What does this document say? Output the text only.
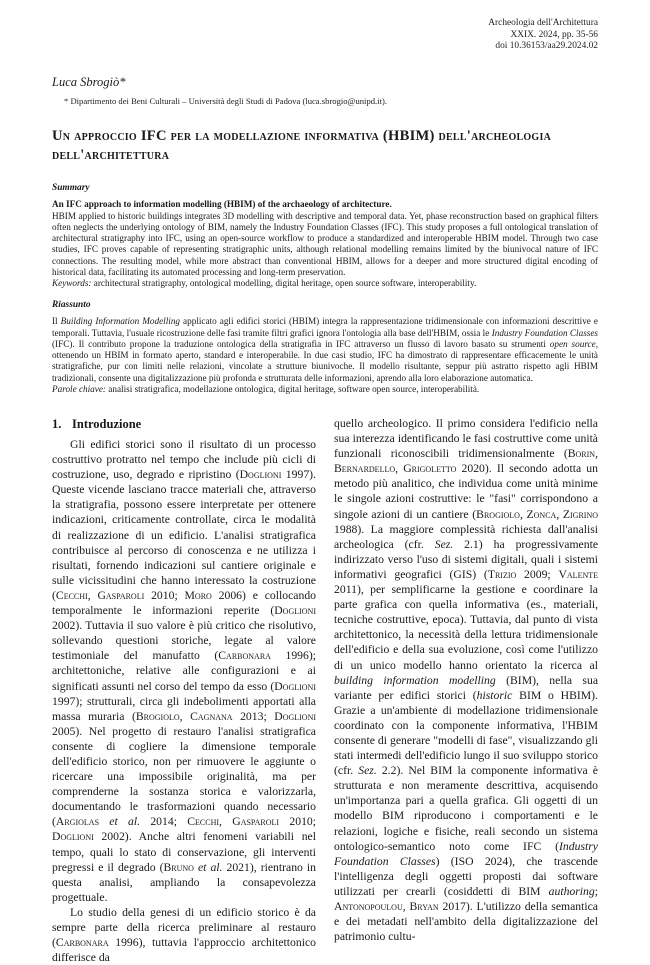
Archeologia dell'Architettura
XXIX. 2024, pp. 35-56
doi 10.36153/aa29.2024.02
Luca Sbrogiò*
* Dipartimento dei Beni Culturali – Università degli Studi di Padova (luca.sbrogio@unipd.it).
Un approccio IFC per la modellazione informativa (HBIM) dell'archeologia dell'architettura
Summary
An IFC approach to information modelling (HBIM) of the archaeology of architecture.

HBIM applied to historic buildings integrates 3D modelling with descriptive and temporal data. Yet, phase reconstruction based on graphical filters often neglects the underlying ontology of BIM, namely the Industry Foundation Classes (IFC). This study proposes a full ontological translation of architectural stratigraphy into IFC, using an open-source workflow to produce a standardized and interoperable HBIM model. Through two case studies, IFC proves capable of representing stratigraphic units, although relational modelling remains limited by the biunivocal nature of IFC connections. The resulting model, while more abstract than conventional HBIM, allows for a deeper and more structured digital encoding of historical data, facilitating its automated processing and long-term preservation.

Keywords: architectural stratigraphy, ontological modelling, digital heritage, open source software, interoperability.

Riassunto

Il Building Information Modelling applicato agli edifici storici (HBIM) integra la rappresentazione tridimensionale con informazioni descrittive e temporali. Tuttavia, l'usuale ricostruzione delle fasi tramite filtri grafici ignora l'ontologia alla base dell'HBIM, ossia le Industry Foundation Classes (IFC). Il contributo propone la traduzione ontologica della stratigrafia in IFC attraverso un flusso di lavoro basato su strumenti open source, ottenendo un HBIM in formato aperto, standard e interoperabile. In due casi studio, IFC ha dimostrato di rappresentare efficacemente le unità stratigrafiche, pur con limiti nelle relazioni, vincolate a strutture biunivoche. Il modello risultante, seppur più astratto rispetto agli HBIM tradizionali, consente una digitalizzazione più profonda e strutturata delle informazioni, aprendo alla loro elaborazione automatica.

Parole chiave: analisi stratigrafica, modellazione ontologica, digital heritage, software open source, interoperabilità.

1. Introduzione

Gli edifici storici sono il risultato di un processo costruttivo protratto nel tempo che include più cicli di costruzione, uso, degrado e ripristino (Doglioni 1997). Queste vicende lasciano tracce materiali che, attraverso la stratigrafia, possono essere interpretate per ottenere indicazioni, criticamente controllate, circa le modalità di realizzazione di un edificio. L'analisi stratigrafica contribuisce al percorso di conoscenza e ne utilizza i risultati, fornendo indicazioni sul cantiere originale e sulle vicissitudini che hanno interessato la costruzione (Cecchi, Gasparoli 2010; Moro 2006) e collocando temporalmente le informazioni reperite (Doglioni 2002). Tuttavia il suo valore è più critico che risolutivo, sollevando questioni storiche, legate al valore testimoniale del manufatto (Carbonara 1996); architettoniche, relative alle configurazioni e ai significati assunti nel corso del tempo da esso (Doglioni 1997); strutturali, circa gli indebolimenti apportati alla massa muraria (Brogiolo, Cagnana 2013; Doglioni 2005). Nel progetto di restauro l'analisi stratigrafica consente di cogliere la dimensione temporale dell'edificio storico, non per rimuovere le aggiunte o ricercare una impossibile originalità, ma per comprenderne la sostanza storica e valorizzarla, documentando le trasformazioni quando necessario (Argiolas et al. 2014; Cecchi, Gasparoli 2010; Doglioni 2002). Anche altri fenomeni variabili nel tempo, quali lo stato di conservazione, gli interventi pregressi e il degrado (Bruno et al. 2021), rientrano in questa analisi, ampliando la consapevolezza progettuale.

Lo studio della genesi di un edificio storico è da sempre parte della ricerca preliminare al restauro (Carbonara 1996), tuttavia l'approccio architettonico differisce da

quello archeologico. Il primo considera l'edificio nella sua interezza identificando le fasi costruttive come unità funzionali riconoscibili tridimensionalmente (Borin, Bernardello, Grigoletto 2020). Il secondo adotta un metodo più analitico, che individua come unità minime le singole azioni costruttive: le "fasi" corrispondono a singole azioni di un cantiere (Brogiolo, Zonca, Zigrino 1988). La maggiore complessità richiesta dall'analisi archeologica (cfr. Sez. 2.1) ha progressivamente indirizzato verso l'uso di sistemi digitali, quali i sistemi informativi geografici (GIS) (Trizio 2009; Valente 2011), per semplificarne la gestione e coordinare la parte grafica con quella informativa (es., materiali, tecniche costruttive, epoca). Tuttavia, dal punto di vista architettonico, la necessità della lettura tridimensionale dell'edificio e della sua evoluzione, così come l'utilizzo di un unico modello hanno orientato la ricerca al building information modelling (BIM), nella sua variante per edifici storici (historic BIM o HBIM). Grazie a un'ambiente di modellazione tridimensionale coordinato con la componente informativa, l'HBIM consente di generare "modelli di fase", visualizzando gli stati intermedi dell'edificio lungo il suo sviluppo storico (cfr. Sez. 2.2). Nel BIM la componente informativa è strutturata e non meramente descrittiva, acquisendo un'importanza pari a quella grafica. Gli oggetti di un modello BIM riproducono i comportamenti e le relazioni, logiche e fisiche, reali secondo un sistema ontologico-semantico noto come IFC (Industry Foundation Classes) (ISO 2024), che trascende l'intelligenza degli oggetti proposti dai software utilizzati per crearli (cosiddetti di BIM authoring; Antonopoulou, Bryan 2017). L'utilizzo della semantica e dei metadati nell'ambito della digitalizzazione del patrimonio cultu-
